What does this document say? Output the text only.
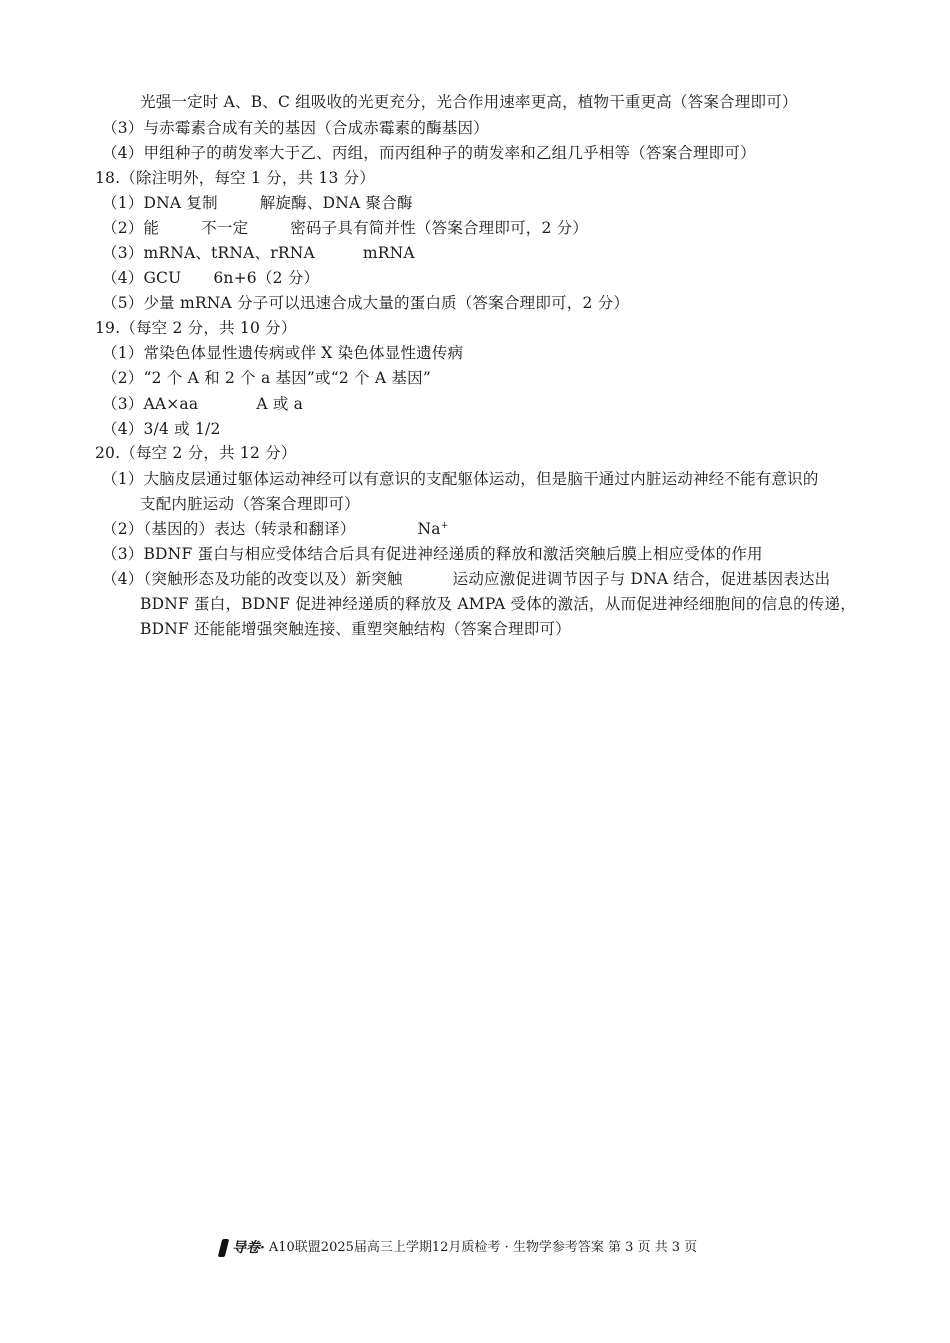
光强一定时 A、B、C 组吸收的光更充分，光合作用速率更高，植物干重更高（答案合理即可）
（3）与赤霉素合成有关的基因（合成赤霉素的酶基因）
（4）甲组种子的萌发率大于乙、丙组，而丙组种子的萌发率和乙组几乎相等（答案合理即可）
18.（除注明外，每空 1 分，共 13 分）
（1）DNA 复制	解旋酶、DNA 聚合酶
（2）能	不一定	密码子具有简并性（答案合理即可，2 分）
（3）mRNA、tRNA、rRNA	mRNA
（4）GCU 6n+6（2 分）
（5）少量 mRNA 分子可以迅速合成大量的蛋白质（答案合理即可，2 分）
19.（每空 2 分，共 10 分）
（1）常染色体显性遗传病或伴 X 染色体显性遗传病
（2）“2 个 A 和 2 个 a 基因”或“2 个 A 基因”
（3）AA×aa	A 或 a
（4）3/4 或 1/2
20.（每空 2 分，共 12 分）
（1）大脑皮层通过躯体运动神经可以有意识的支配躯体运动，但是脑干通过内脏运动神经不能有意识的
支配内脏运动（答案合理即可）
（2）（基因的）表达（转录和翻译）	Na+
（3）BDNF 蛋白与相应受体结合后具有促进神经递质的释放和激活突触后膜上相应受体的作用
（4）（突触形态及功能的改变以及）新突触	运动应激促进调节因子与 DNA 结合，促进基因表达出
BDNF 蛋白，BDNF 促进神经递质的释放及 AMPA 受体的激活，从而促进神经细胞间的信息的传递，
BDNF 还能能增强突触连接、重塑突触结构（答案合理即可）
导卷· A10联盟2025届高三上学期12月质检考 · 生物学参考答案 第 3 页 共 3 页
